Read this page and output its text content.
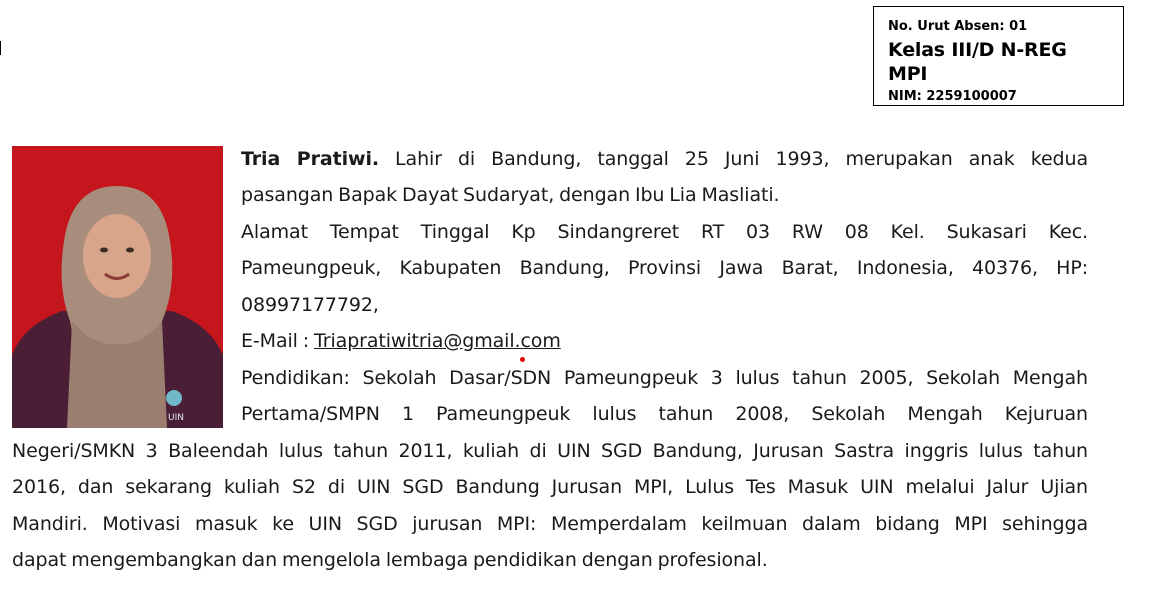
No. Urut Absen: 01
Kelas III/D N-REG MPI
NIM: 2259100007
UIN

Tria Pratiwi. Lahir di Bandung, tanggal 25 Juni 1993, merupakan anak kedua

pasangan Bapak Dayat Sudaryat, dengan Ibu Lia Masliati.

Alamat Tempat Tinggal Kp Sindangreret RT 03 RW 08 Kel. Sukasari Kec.

Pameungpeuk, Kabupaten Bandung, Provinsi Jawa Barat, Indonesia, 40376, HP:

08997177792,

E-Mail : Triapratiwitria@gmail.com

Pendidikan: Sekolah Dasar/SDN Pameungpeuk 3 lulus tahun 2005, Sekolah Mengah

Pertama/SMPN 1 Pameungpeuk lulus tahun 2008, Sekolah Mengah Kejuruan

Negeri/SMKN 3 Baleendah lulus tahun 2011, kuliah di UIN SGD Bandung, Jurusan Sastra inggris lulus tahun

2016, dan sekarang kuliah S2 di UIN SGD Bandung Jurusan MPI, Lulus Tes Masuk UIN melalui Jalur Ujian

Mandiri. Motivasi masuk ke UIN SGD jurusan MPI: Memperdalam keilmuan dalam bidang MPI sehingga

dapat mengembangkan dan mengelola lembaga pendidikan dengan profesional.
